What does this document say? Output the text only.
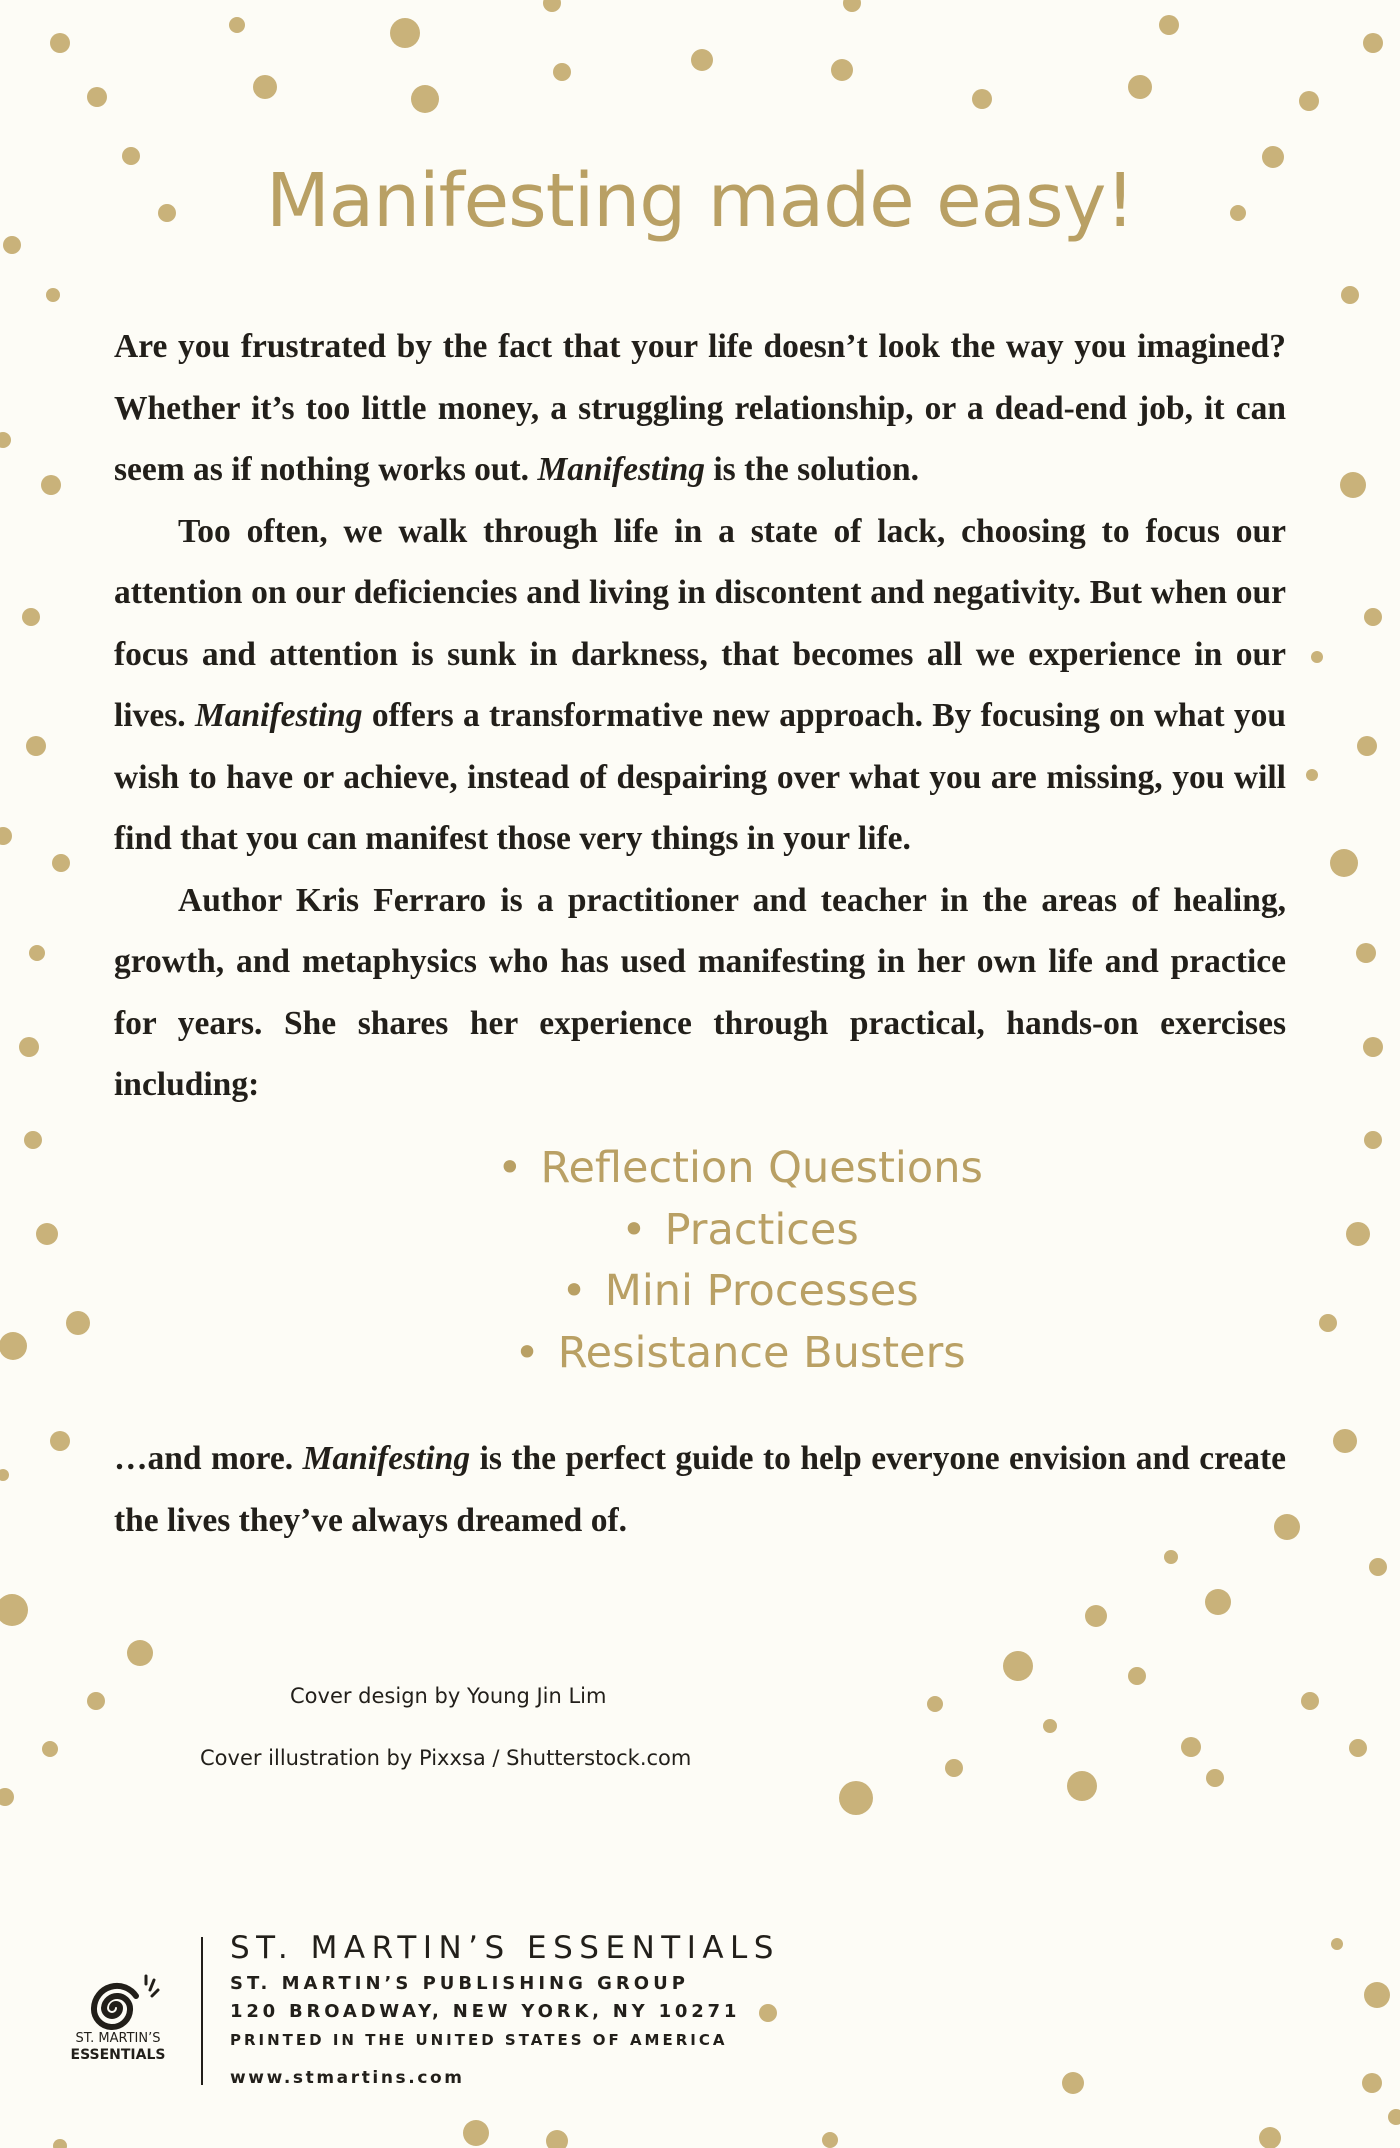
Manifesting made easy!

Are you frustrated by the fact that your life doesn’t look the way you imagined? Whether it’s too little money, a struggling relationship, or a dead-end job, it can seem as if nothing works out. Manifesting is the solution.

Too often, we walk through life in a state of lack, choosing to focus our attention on our deficiencies and living in discontent and negativity. But when our focus and attention is sunk in darkness, that becomes all we experience in our lives. Manifesting offers a transformative new approach. By focusing on what you wish to have or achieve, instead of despairing over what you are missing, you will find that you can manifest those very things in your life.

Author Kris Ferraro is a practitioner and teacher in the areas of healing, growth, and metaphysics who has used manifesting in her own life and practice for years. She shares her experience through practical, hands-on exercises including:

• Reflection Questions
• Practices
• Mini Processes
• Resistance Busters

…and more. Manifesting is the perfect guide to help everyone envision and create the lives they’ve always dreamed of.

Cover design by Young Jin Lim
Cover illustration by Pixxsa / Shutterstock.com
ST. MARTIN’S
ESSENTIALS
ST. MARTIN’S ESSENTIALS
ST. MARTIN’S PUBLISHING GROUP
120 BROADWAY, NEW YORK, NY 10271
PRINTED IN THE UNITED STATES OF AMERICA
www.stmartins.com
